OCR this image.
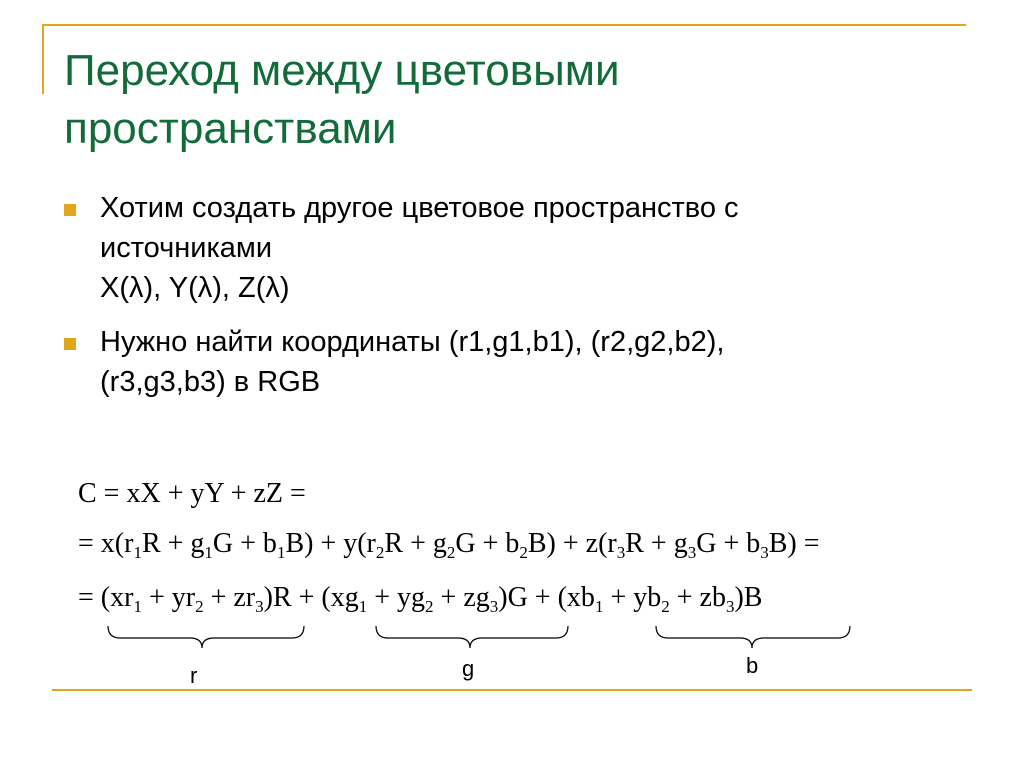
Переход между цветовыми
пространствами
Хотим создать другое цветовое пространство с
источниками
X(λ), Y(λ), Z(λ)
Нужно найти координаты (r1,g1,b1), (r2,g2,b2),
(r3,g3,b3) в RGB
C = xX + yY + zZ =
= $x(r_1R + g_1G + b_1B) + y(r_2R + g_2G + b_2B) + z(r_3R + g_3G + b_3B)$ =
= $(xr_1 + yr_2 + zr_3)R + (xg_1 + yg_2 + zg_3)G + (xb_1 + yb_2 + zb_3)B$
r	g	b
